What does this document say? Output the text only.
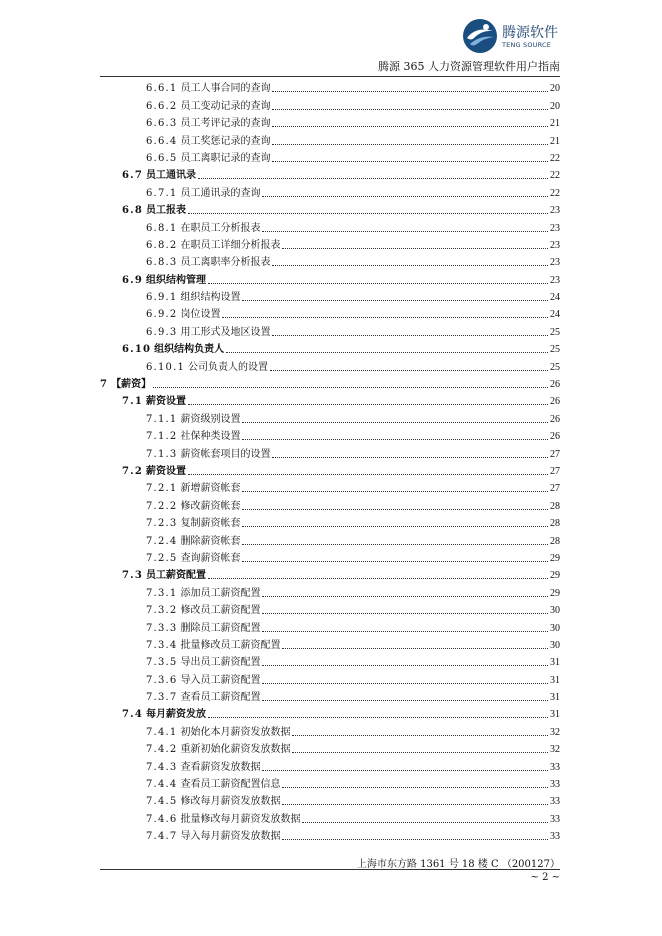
腾源软件
TENG SOURCE
腾源 365 人力资源管理软件用户指南
6.6.1 员工人事合同的查询	20
6.6.2 员工变动记录的查询	20
6.6.3 员工考评记录的查询	21
6.6.4 员工奖惩记录的查询	21
6.6.5 员工离职记录的查询	22
6.7 员工通讯录	22
6.7.1 员工通讯录的查询	22
6.8 员工报表	23
6.8.1 在职员工分析报表	23
6.8.2 在职员工详细分析报表	23
6.8.3 员工离职率分析报表	23
6.9 组织结构管理	23
6.9.1 组织结构设置	24
6.9.2 岗位设置	24
6.9.3 用工形式及地区设置	25
6.10 组织结构负责人	25
6.10.1 公司负责人的设置	25
7 【薪资】	26
7.1 薪资设置	26
7.1.1 薪资级别设置	26
7.1.2 社保种类设置	26
7.1.3 薪资帐套项目的设置	27
7.2 薪资设置	27
7.2.1 新增薪资帐套	27
7.2.2 修改薪资帐套	28
7.2.3 复制薪资帐套	28
7.2.4 删除薪资帐套	28
7.2.5 查询薪资帐套	29
7.3 员工薪资配置	29
7.3.1 添加员工薪资配置	29
7.3.2 修改员工薪资配置	30
7.3.3 删除员工薪资配置	30
7.3.4 批量修改员工薪资配置	30
7.3.5 导出员工薪资配置	31
7.3.6 导入员工薪资配置	31
7.3.7 查看员工薪资配置	31
7.4 每月薪资发放	31
7.4.1 初始化本月薪资发放数据	32
7.4.2 重新初始化薪资发放数据	32
7.4.3 查看薪资发放数据	33
7.4.4 查看员工薪资配置信息	33
7.4.5 修改每月薪资发放数据	33
7.4.6 批量修改每月薪资发放数据	33
7.4.7 导入每月薪资发放数据	33
上海市东方路 1361 号 18 楼 C （200127）
~ 2 ~
